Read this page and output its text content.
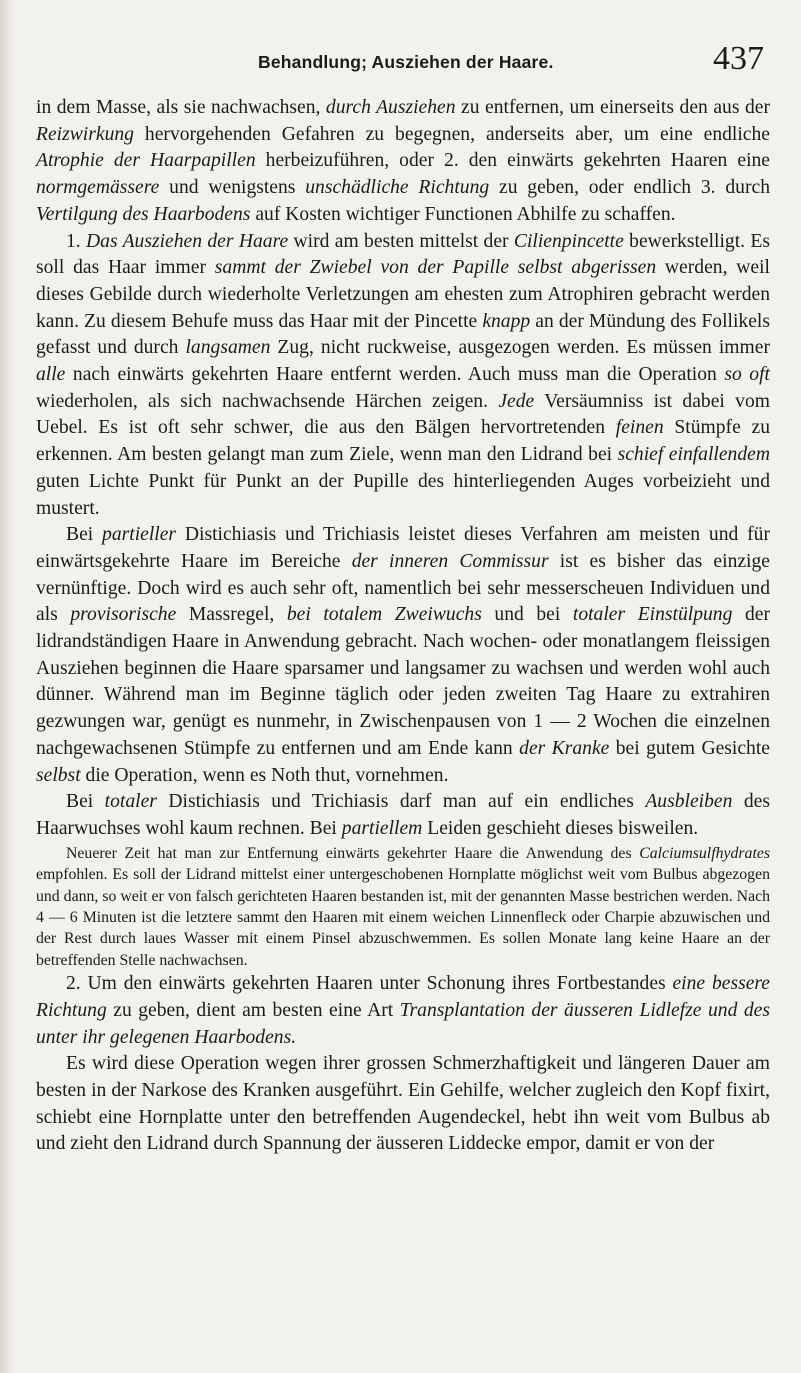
Behandlung; Ausziehen der Haare.	437

in dem Masse, als sie nachwachsen, durch Ausziehen zu entfernen, um einerseits den aus der Reizwirkung hervorgehenden Gefahren zu begegnen, anderseits aber, um eine endliche Atrophie der Haarpapillen herbeizuführen, oder 2. den einwärts gekehrten Haaren eine normgemässere und wenigstens unschädliche Richtung zu geben, oder endlich 3. durch Vertilgung des Haarbodens auf Kosten wichtiger Functionen Abhilfe zu schaffen.

1. Das Ausziehen der Haare wird am besten mittelst der Cilienpincette bewerkstelligt. Es soll das Haar immer sammt der Zwiebel von der Papille selbst abgerissen werden, weil dieses Gebilde durch wiederholte Verletzungen am ehesten zum Atrophiren gebracht werden kann. Zu diesem Behufe muss das Haar mit der Pincette knapp an der Mündung des Follikels gefasst und durch langsamen Zug, nicht ruckweise, ausgezogen werden. Es müssen immer alle nach einwärts gekehrten Haare entfernt werden. Auch muss man die Operation so oft wiederholen, als sich nachwachsende Härchen zeigen. Jede Versäumniss ist dabei vom Uebel. Es ist oft sehr schwer, die aus den Bälgen hervortretenden feinen Stümpfe zu erkennen. Am besten gelangt man zum Ziele, wenn man den Lidrand bei schief einfallendem guten Lichte Punkt für Punkt an der Pupille des hinterliegenden Auges vorbeizieht und mustert.

Bei partieller Distichiasis und Trichiasis leistet dieses Verfahren am meisten und für einwärtsgekehrte Haare im Bereiche der inneren Commissur ist es bisher das einzige vernünftige. Doch wird es auch sehr oft, namentlich bei sehr messerscheuen Individuen und als provisorische Massregel, bei totalem Zweiwuchs und bei totaler Einstülpung der lidrandständigen Haare in Anwendung gebracht. Nach wochen- oder monatlangem fleissigen Ausziehen beginnen die Haare sparsamer und langsamer zu wachsen und werden wohl auch dünner. Während man im Beginne täglich oder jeden zweiten Tag Haare zu extrahiren gezwungen war, genügt es nunmehr, in Zwischenpausen von 1 — 2 Wochen die einzelnen nachgewachsenen Stümpfe zu entfernen und am Ende kann der Kranke bei gutem Gesichte selbst die Operation, wenn es Noth thut, vornehmen.

Bei totaler Distichiasis und Trichiasis darf man auf ein endliches Ausbleiben des Haarwuchses wohl kaum rechnen. Bei partiellem Leiden geschieht dieses bisweilen.

Neuerer Zeit hat man zur Entfernung einwärts gekehrter Haare die Anwendung des Calciumsulfhydrates empfohlen. Es soll der Lidrand mittelst einer untergeschobenen Hornplatte möglichst weit vom Bulbus abgezogen und dann, so weit er von falsch gerichteten Haaren bestanden ist, mit der genannten Masse bestrichen werden. Nach 4 — 6 Minuten ist die letztere sammt den Haaren mit einem weichen Linnenfleck oder Charpie abzuwischen und der Rest durch laues Wasser mit einem Pinsel abzuschwemmen. Es sollen Monate lang keine Haare an der betreffenden Stelle nachwachsen.

2. Um den einwärts gekehrten Haaren unter Schonung ihres Fortbestandes eine bessere Richtung zu geben, dient am besten eine Art Transplantation der äusseren Lidlefze und des unter ihr gelegenen Haarbodens.

Es wird diese Operation wegen ihrer grossen Schmerzhaftigkeit und längeren Dauer am besten in der Narkose des Kranken ausgeführt. Ein Gehilfe, welcher zugleich den Kopf fixirt, schiebt eine Hornplatte unter den betreffenden Augendeckel, hebt ihn weit vom Bulbus ab und zieht den Lidrand durch Spannung der äusseren Liddecke empor, damit er von der
